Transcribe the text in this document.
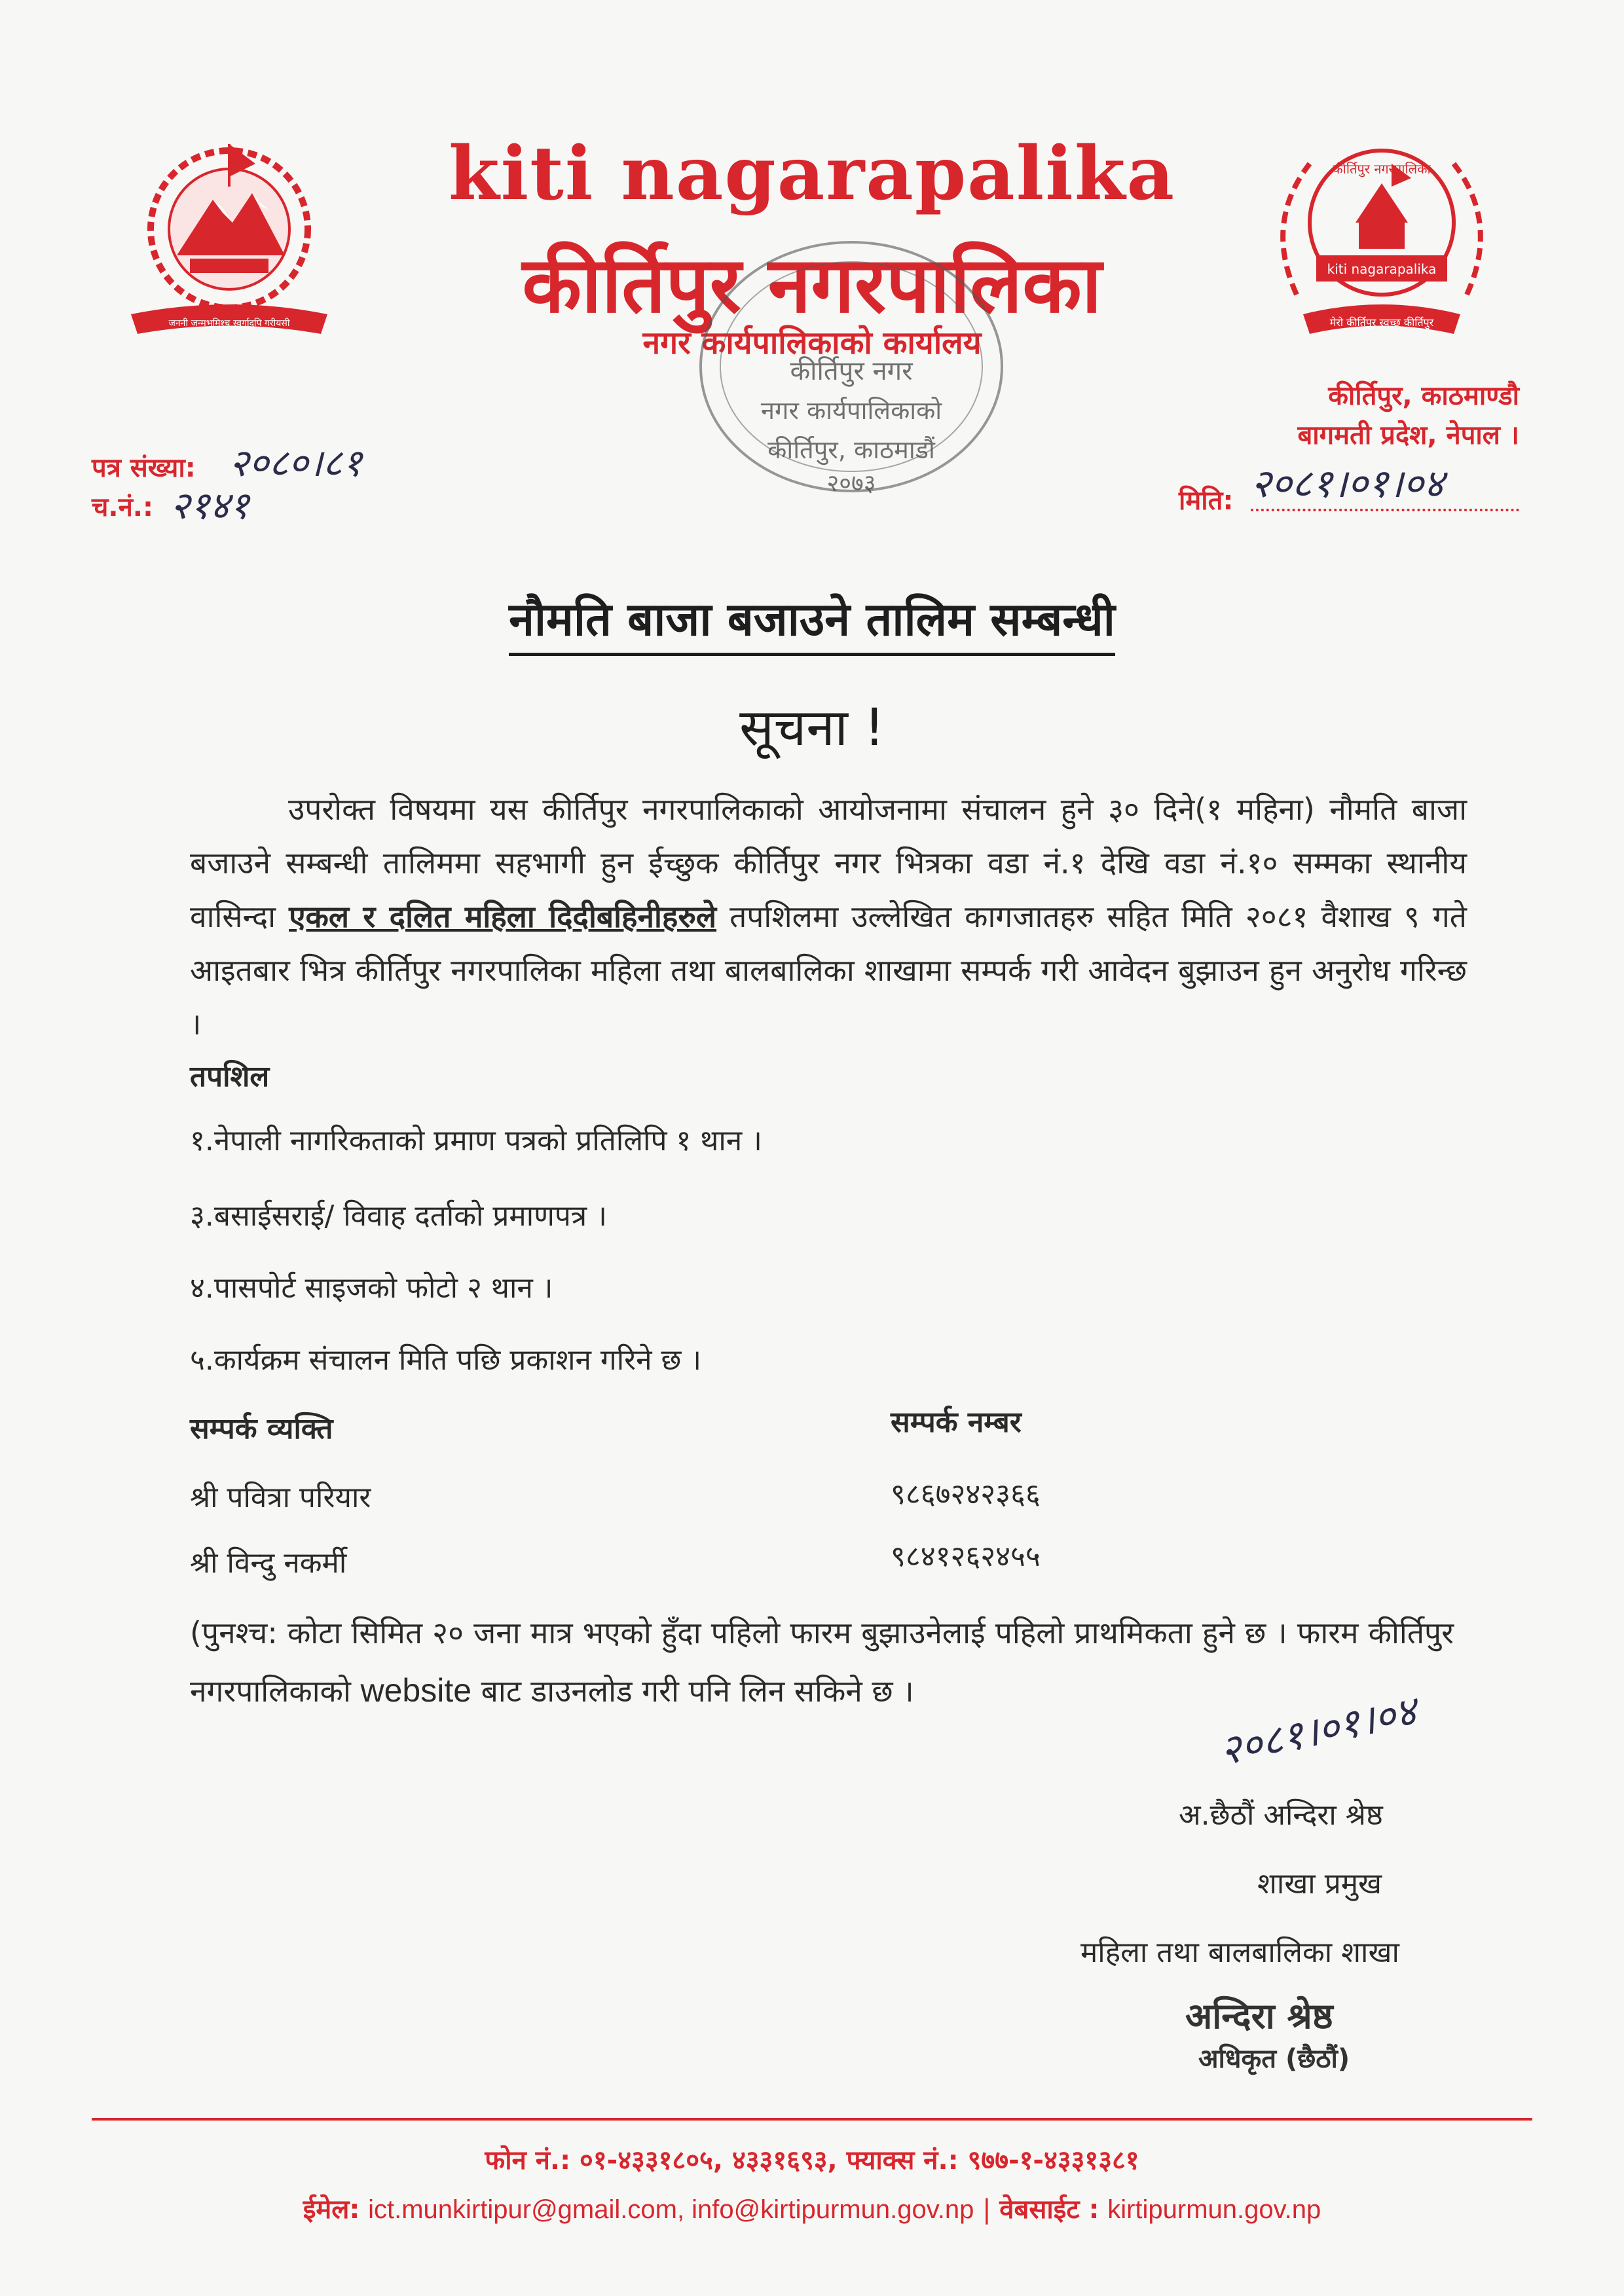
जननी जन्मभूमिश्च स्वर्गादपि गरीयसी
kiti nagarapalika
कीर्तिपुर नगरपालिका
नगर कार्यपालिकाको कार्यालय
kiti nagarapalika
कीर्तिपुर नगरपालिका
मेरो कीर्तिपुर स्वच्छ कीर्तिपुर
कीर्तिपुर, काठमाण्डौ
बागमती प्रदेश, नेपाल ।
कीर्तिपुर नगर
नगर कार्यपालिकाको
कीर्तिपुर, काठमाडौं
२०७३
पत्र संख्या: २०८०।८१
च.नं.: २१४१	मिति: २०८१।०१।०४
नौमति बाजा बजाउने तालिम सम्बन्धी
सूचना !
उपरोक्त विषयमा यस कीर्तिपुर नगरपालिकाको आयोजनामा संचालन हुने ३० दिने(१ महिना) नौमति बाजा बजाउने सम्बन्धी तालिममा सहभागी हुन ईच्छुक कीर्तिपुर नगर भित्रका वडा नं.१ देखि वडा नं.१० सम्मका स्थानीय वासिन्दा एकल र दलित महिला दिदीबहिनीहरुले तपशिलमा उल्लेखित कागजातहरु सहित मिति २०८१ वैशाख ९ गते आइतबार भित्र कीर्तिपुर नगरपालिका महिला तथा बालबालिका शाखामा सम्पर्क गरी आवेदन बुझाउन हुन अनुरोध गरिन्छ ।
तपशिल
१.नेपाली नागरिकताको प्रमाण पत्रको प्रतिलिपि १ थान ।
३.बसाईसराई/ विवाह दर्ताको प्रमाणपत्र ।
४.पासपोर्ट साइजको फोटो २ थान ।
५.कार्यक्रम संचालन मिति पछि प्रकाशन गरिने छ ।
सम्पर्क व्यक्ति	सम्पर्क नम्बर
श्री पवित्रा परियार	९८६७२४२३६६
श्री विन्दु नकर्मी	९८४१२६२४५५
(पुनश्च: कोटा सिमित २० जना मात्र भएको हुँदा पहिलो फारम बुझाउनेलाई पहिलो प्राथमिकता हुने छ । फारम कीर्तिपुर नगरपालिकाको website बाट डाउनलोड गरी पनि लिन सकिने छ ।	२०८१।०१।०४
अ.छैठौं अन्दिरा श्रेष्ठ
शाखा प्रमुख
महिला तथा बालबालिका शाखा
अन्दिरा श्रेष्ठ
अधिकृत (छैठौं)
फोन नं.: ०१-४३३१८०५, ४३३१६९३, फ्याक्स नं.: ९७७-१-४३३१३८१
ईमेल: ict.munkirtipur@gmail.com, info@kirtipurmun.gov.np | वेबसाईट : kirtipurmun.gov.np
